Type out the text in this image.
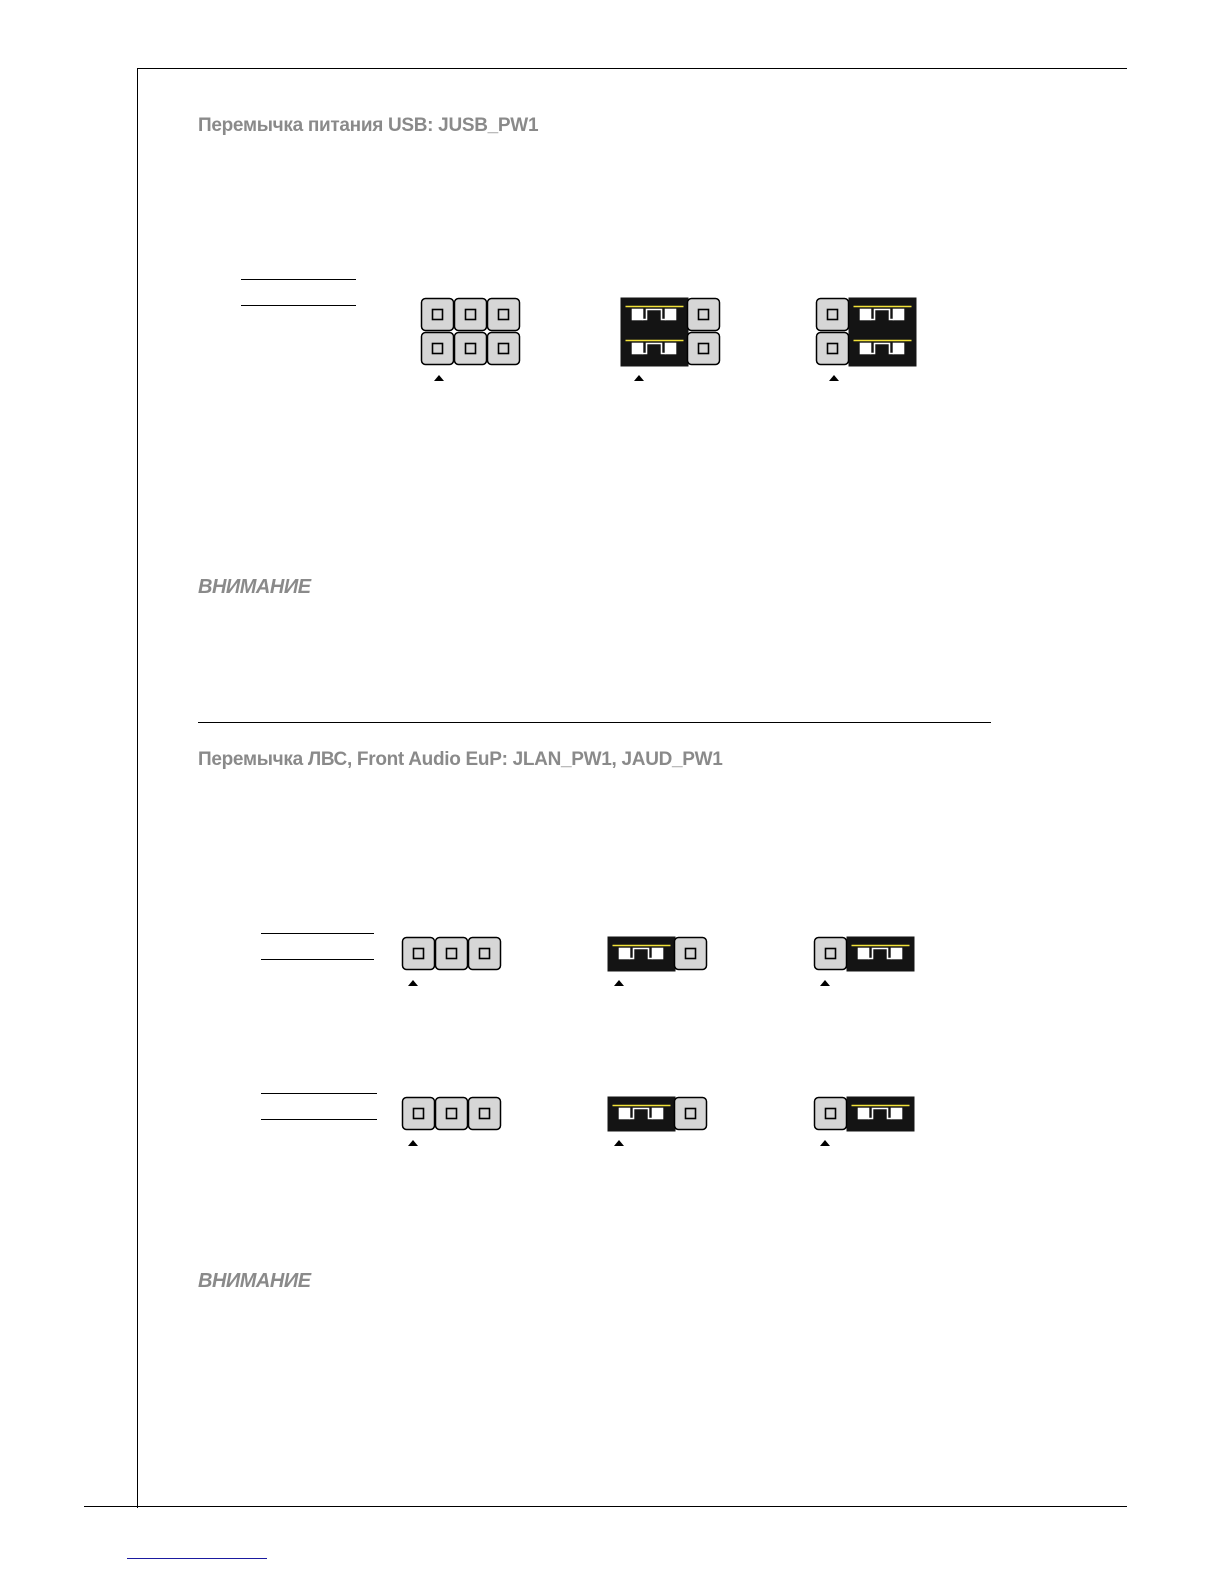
Перемычка питания USB: JUSB_PW1
ВНИМАНИЕ
Перемычка ЛВС, Front Audio EuP: JLAN_PW1, JAUD_PW1
ВНИМАНИЕ
